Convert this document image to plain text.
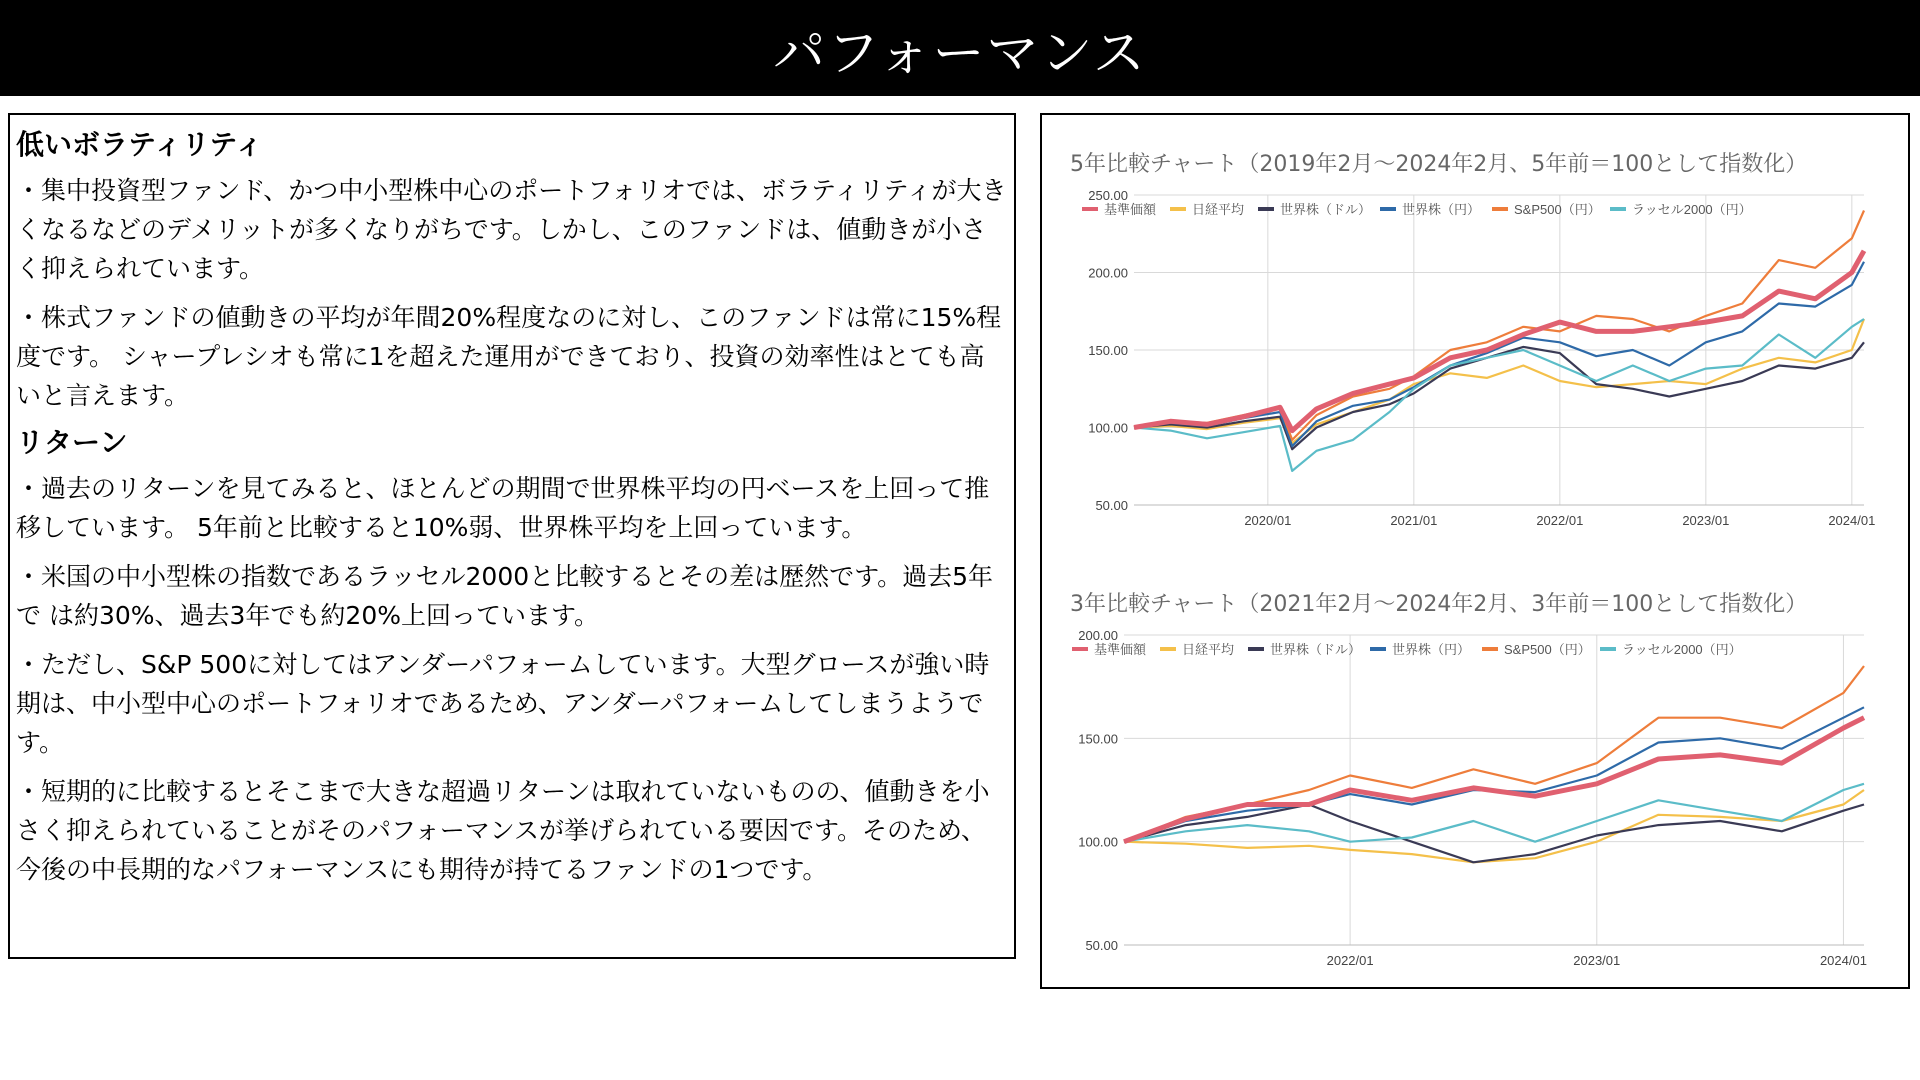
パフォーマンス
低いボラティリティ

・集中投資型ファンド、かつ中小型株中心のポートフォリオでは、ボラティリティが大きくなるなどのデメリットが多くなりがちです。しかし、このファンドは、値動きが小さく抑えられています。

・株式ファンドの値動きの平均が年間20%程度なのに対し、このファンドは常に15%程度です。 シャープレシオも常に1を超えた運用ができており、投資の効率性はとても高いと言えます。

リターン

・過去のリターンを見てみると、ほとんどの期間で世界株平均の円ベースを上回って推移しています。 5年前と比較すると10%弱、世界株平均を上回っています。

・米国の中小型株の指数であるラッセル2000と比較するとその差は歴然です。過去5年で は約30%、過去3年でも約20%上回っています。

・ただし、S&P 500に対してはアンダーパフォームしています。大型グロースが強い時期は、中小型中心のポートフォリオであるため、アンダーパフォームしてしまうようです。

・短期的に比較するとそこまで大きな超過リターンは取れていないものの、値動きを小さく抑えられていることがそのパフォーマンスが挙げられている要因です。そのため、今後の中長期的なパフォーマンスにも期待が持てるファンドの1つです。

5年比較チャート（2019年2月〜2024年2月、5年前＝100として指数化）
50.00
100.00
150.00
200.00
250.00
2020/01	2021/01	2022/01	2023/01	2024/01
基準価額	日経平均	世界株（ドル） 世界株（円）	S&P500（円） ラッセル2000（円）
3年比較チャート（2021年2月〜2024年2月、3年前＝100として指数化）
50.00
100.00
150.00
200.00
2022/01	2023/01	2024/01
基準価額	日経平均	世界株（ドル） 世界株（円）	S&P500（円） ラッセル2000（円）
